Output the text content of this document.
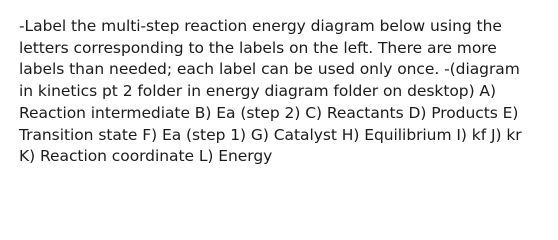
-Label the multi-step reaction energy diagram below using the
letters corresponding to the labels on the left. There are more
labels than needed; each label can be used only once. -(diagram
in kinetics pt 2 folder in energy diagram folder on desktop) A)
Reaction intermediate B) Ea (step 2) C) Reactants D) Products E)
Transition state F) Ea (step 1) G) Catalyst H) Equilibrium I) kf J) kr
K) Reaction coordinate L) Energy
